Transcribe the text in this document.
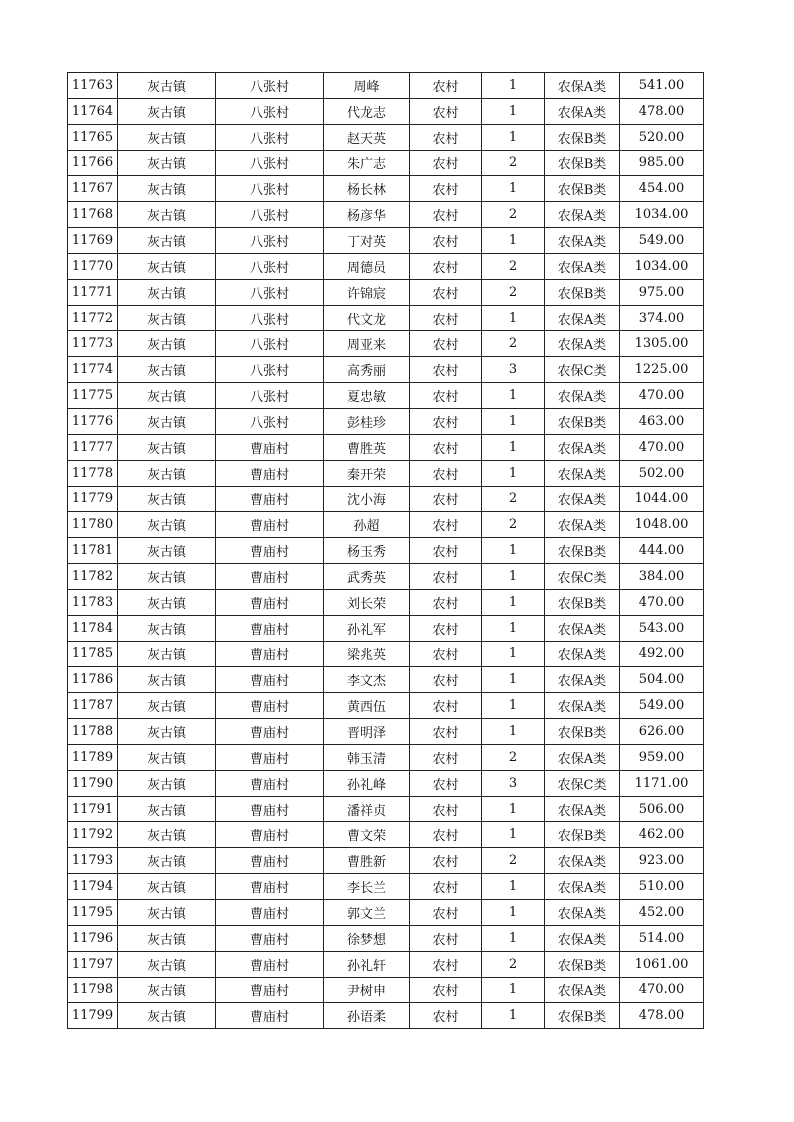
11763	灰古镇	八张村	周峰	农村	1	农保A类	541.00
11764	灰古镇	八张村	代龙志	农村	1	农保A类	478.00
11765	灰古镇	八张村	赵天英	农村	1	农保B类	520.00
11766	灰古镇	八张村	朱广志	农村	2	农保B类	985.00
11767	灰古镇	八张村	杨长林	农村	1	农保B类	454.00
11768	灰古镇	八张村	杨彦华	农村	2	农保A类	1034.00
11769	灰古镇	八张村	丁对英	农村	1	农保A类	549.00
11770	灰古镇	八张村	周德员	农村	2	农保A类	1034.00
11771	灰古镇	八张村	许锦宸	农村	2	农保B类	975.00
11772	灰古镇	八张村	代文龙	农村	1	农保A类	374.00
11773	灰古镇	八张村	周亚来	农村	2	农保A类	1305.00
11774	灰古镇	八张村	高秀丽	农村	3	农保C类	1225.00
11775	灰古镇	八张村	夏忠敏	农村	1	农保A类	470.00
11776	灰古镇	八张村	彭桂珍	农村	1	农保B类	463.00
11777	灰古镇	曹庙村	曹胜英	农村	1	农保A类	470.00
11778	灰古镇	曹庙村	秦开荣	农村	1	农保A类	502.00
11779	灰古镇	曹庙村	沈小海	农村	2	农保A类	1044.00
11780	灰古镇	曹庙村	孙超	农村	2	农保A类	1048.00
11781	灰古镇	曹庙村	杨玉秀	农村	1	农保B类	444.00
11782	灰古镇	曹庙村	武秀英	农村	1	农保C类	384.00
11783	灰古镇	曹庙村	刘长荣	农村	1	农保B类	470.00
11784	灰古镇	曹庙村	孙礼军	农村	1	农保A类	543.00
11785	灰古镇	曹庙村	梁兆英	农村	1	农保A类	492.00
11786	灰古镇	曹庙村	李文杰	农村	1	农保A类	504.00
11787	灰古镇	曹庙村	黄西伍	农村	1	农保A类	549.00
11788	灰古镇	曹庙村	晋明泽	农村	1	农保B类	626.00
11789	灰古镇	曹庙村	韩玉清	农村	2	农保A类	959.00
11790	灰古镇	曹庙村	孙礼峰	农村	3	农保C类	1171.00
11791	灰古镇	曹庙村	潘祥贞	农村	1	农保A类	506.00
11792	灰古镇	曹庙村	曹文荣	农村	1	农保B类	462.00
11793	灰古镇	曹庙村	曹胜新	农村	2	农保A类	923.00
11794	灰古镇	曹庙村	李长兰	农村	1	农保A类	510.00
11795	灰古镇	曹庙村	郭文兰	农村	1	农保A类	452.00
11796	灰古镇	曹庙村	徐梦想	农村	1	农保A类	514.00
11797	灰古镇	曹庙村	孙礼轩	农村	2	农保B类	1061.00
11798	灰古镇	曹庙村	尹树申	农村	1	农保A类	470.00
11799	灰古镇	曹庙村	孙语柔	农村	1	农保B类	478.00
